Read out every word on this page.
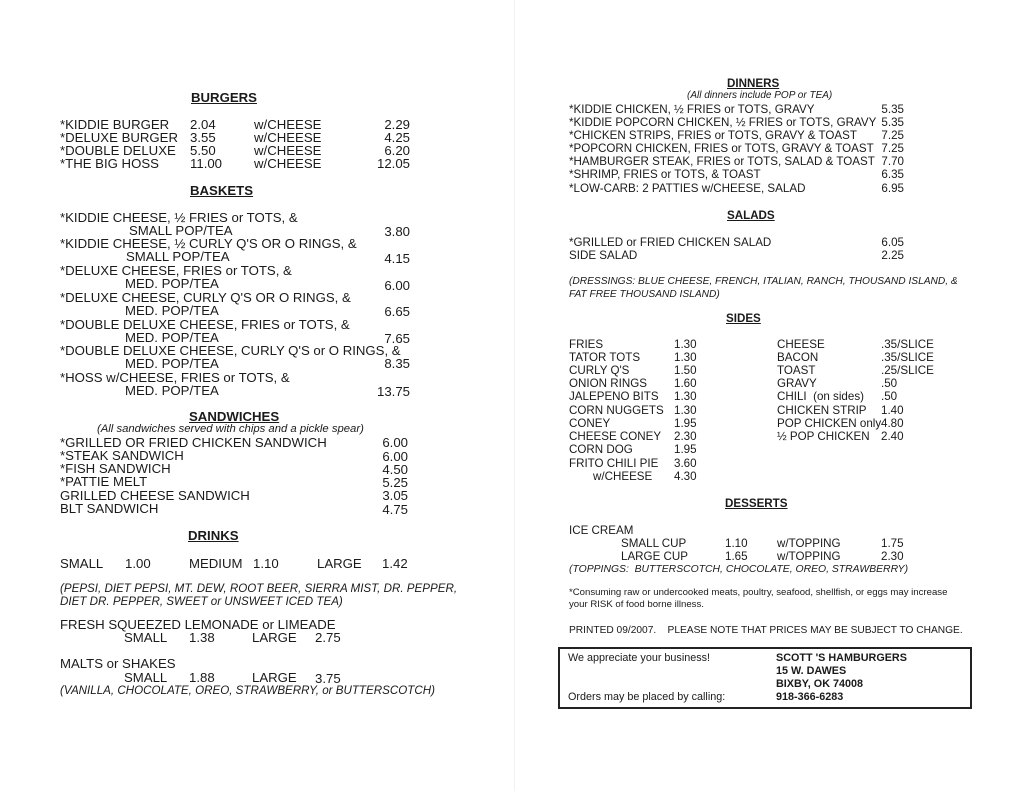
BURGERS
*KIDDIE BURGER 2.04	w/CHEESE	2.29
*DELUXE BURGER 3.55	w/CHEESE	4.25
*DOUBLE DELUXE 5.50	w/CHEESE	6.20
*THE BIG HOSS 11.00 w/CHEESE	12.05
BASKETS
*KIDDIE CHEESE, ½ FRIES or TOTS, &
SMALL POP/TEA	3.80
*KIDDIE CHEESE, ½ CURLY Q'S OR O RINGS, &
SMALL POP/TEA	4.15
*DELUXE CHEESE, FRIES or TOTS, &
MED. POP/TEA	6.00
*DELUXE CHEESE, CURLY Q'S OR O RINGS, &
MED. POP/TEA	6.65
*DOUBLE DELUXE CHEESE, FRIES or TOTS, &
MED. POP/TEA	7.65
*DOUBLE DELUXE CHEESE, CURLY Q'S or O RINGS, &
MED. POP/TEA	8.35
*HOSS w/CHEESE, FRIES or TOTS, &
MED. POP/TEA	13.75
SANDWICHES
(All sandwiches served with chips and a pickle spear)
*GRILLED OR FRIED CHICKEN SANDWICH	6.00
*STEAK SANDWICH	6.00
*FISH SANDWICH	4.50
*PATTIE MELT	5.25
GRILLED CHEESE SANDWICH	3.05
BLT SANDWICH	4.75
DRINKS
SMALL 1.00	MEDIUM 1.10	LARGE 1.42
(PEPSI, DIET PEPSI, MT. DEW, ROOT BEER, SIERRA MIST, DR. PEPPER,
DIET DR. PEPPER, SWEET or UNSWEET ICED TEA)
FRESH SQUEEZED LEMONADE or LIMEADE
SMALL 1.38	LARGE 2.75
MALTS or SHAKES
SMALL 1.88	LARGE 3.75
(VANILLA, CHOCOLATE, OREO, STRAWBERRY, or BUTTERSCOTCH)
DINNERS
(All dinners include POP or TEA)
*KIDDIE CHICKEN, ½ FRIES or TOTS, GRAVY	5.35
*KIDDIE POPCORN CHICKEN, ½ FRIES or TOTS, GRAVY 5.35
*CHICKEN STRIPS, FRIES or TOTS, GRAVY & TOAST	7.25
*POPCORN CHICKEN, FRIES or TOTS, GRAVY & TOAST 7.25
*HAMBURGER STEAK, FRIES or TOTS, SALAD & TOAST 7.70
*SHRIMP, FRIES or TOTS, & TOAST	6.35
*LOW-CARB: 2 PATTIES w/CHEESE, SALAD	6.95
SALADS
*GRILLED or FRIED CHICKEN SALAD	6.05
SIDE SALAD	2.25
(DRESSINGS: BLUE CHEESE, FRENCH, ITALIAN, RANCH, THOUSAND ISLAND, &
FAT FREE THOUSAND ISLAND)
SIDES
FRIES	1.30
TATOR TOTS	1.30
CURLY Q'S	1.50
ONION RINGS 1.60
JALEPENO BITS 1.30
CORN NUGGETS 1.30
CONEY	1.95
CHEESE CONEY 2.30
CORN DOG	1.95
FRITO CHILI PIE 3.60
w/CHEESE 4.30
CHEESE	.35/SLICE
BACON	.35/SLICE
TOAST	.25/SLICE
GRAVY	.50
CHILI  (on sides) .50
CHICKEN STRIP 1.40
POP CHICKEN only 4.80
½ POP CHICKEN 2.40
DESSERTS
ICE CREAM
SMALL CUP	1.10	w/TOPPING	1.75
LARGE CUP	1.65	w/TOPPING	2.30
(TOPPINGS:  BUTTERSCOTCH, CHOCOLATE, OREO, STRAWBERRY)
*Consuming raw or undercooked meats, poultry, seafood, shellfish, or eggs may increase
your RISK of food borne illness.
PRINTED 09/2007.    PLEASE NOTE THAT PRICES MAY BE SUBJECT TO CHANGE.
We appreciate your business!
Orders may be placed by calling:
SCOTT 'S HAMBURGERS
15 W. DAWES
BIXBY, OK 74008
918-366-6283
